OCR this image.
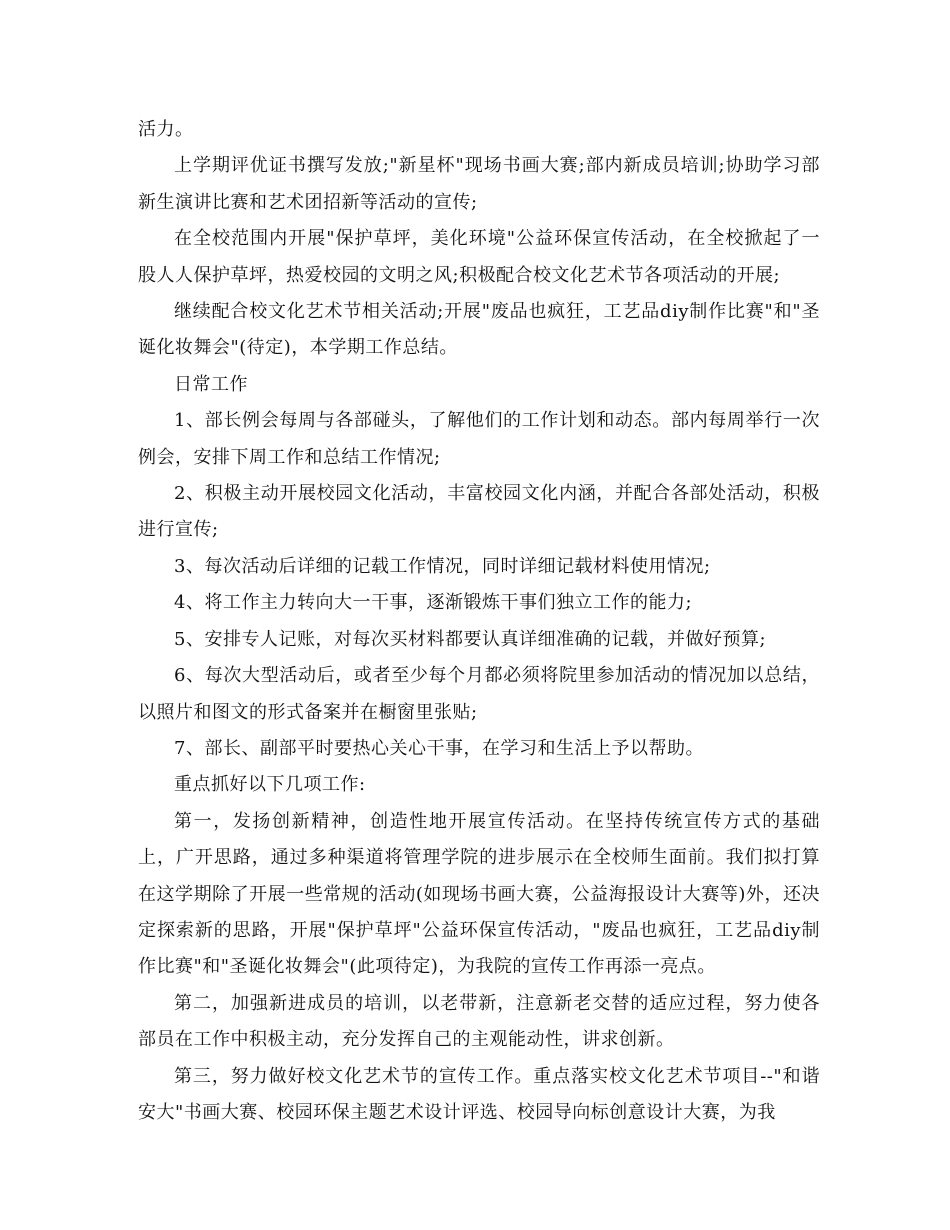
活力。

上学期评优证书撰写发放;"新星杯"现场书画大赛;部内新成员培训;协助学习部新生演讲比赛和艺术团招新等活动的宣传;

在全校范围内开展"保护草坪，美化环境"公益环保宣传活动，在全校掀起了一股人人保护草坪，热爱校园的文明之风;积极配合校文化艺术节各项活动的开展;

继续配合校文化艺术节相关活动;开展"废品也疯狂，工艺品diy制作比赛"和"圣诞化妆舞会"(待定)，本学期工作总结。

日常工作

1、部长例会每周与各部碰头，了解他们的工作计划和动态。部内每周举行一次例会，安排下周工作和总结工作情况;

2、积极主动开展校园文化活动，丰富校园文化内涵，并配合各部处活动，积极进行宣传;

3、每次活动后详细的记载工作情况，同时详细记载材料使用情况;

4、将工作主力转向大一干事，逐渐锻炼干事们独立工作的能力;

5、安排专人记账，对每次买材料都要认真详细准确的记载，并做好预算;

6、每次大型活动后，或者至少每个月都必须将院里参加活动的情况加以总结，以照片和图文的形式备案并在橱窗里张贴;

7、部长、副部平时要热心关心干事，在学习和生活上予以帮助。

重点抓好以下几项工作:

第一，发扬创新精神，创造性地开展宣传活动。在坚持传统宣传方式的基础上，广开思路，通过多种渠道将管理学院的进步展示在全校师生面前。我们拟打算在这学期除了开展一些常规的活动(如现场书画大赛，公益海报设计大赛等)外，还决定探索新的思路，开展"保护草坪"公益环保宣传活动，"废品也疯狂，工艺品diy制作比赛"和"圣诞化妆舞会"(此项待定)，为我院的宣传工作再添一亮点。

第二，加强新进成员的培训，以老带新，注意新老交替的适应过程，努力使各部员在工作中积极主动，充分发挥自己的主观能动性，讲求创新。

第三，努力做好校文化艺术节的宣传工作。重点落实校文化艺术节项目--"和谐安大"书画大赛、校园环保主题艺术设计评选、校园导向标创意设计大赛，为我
